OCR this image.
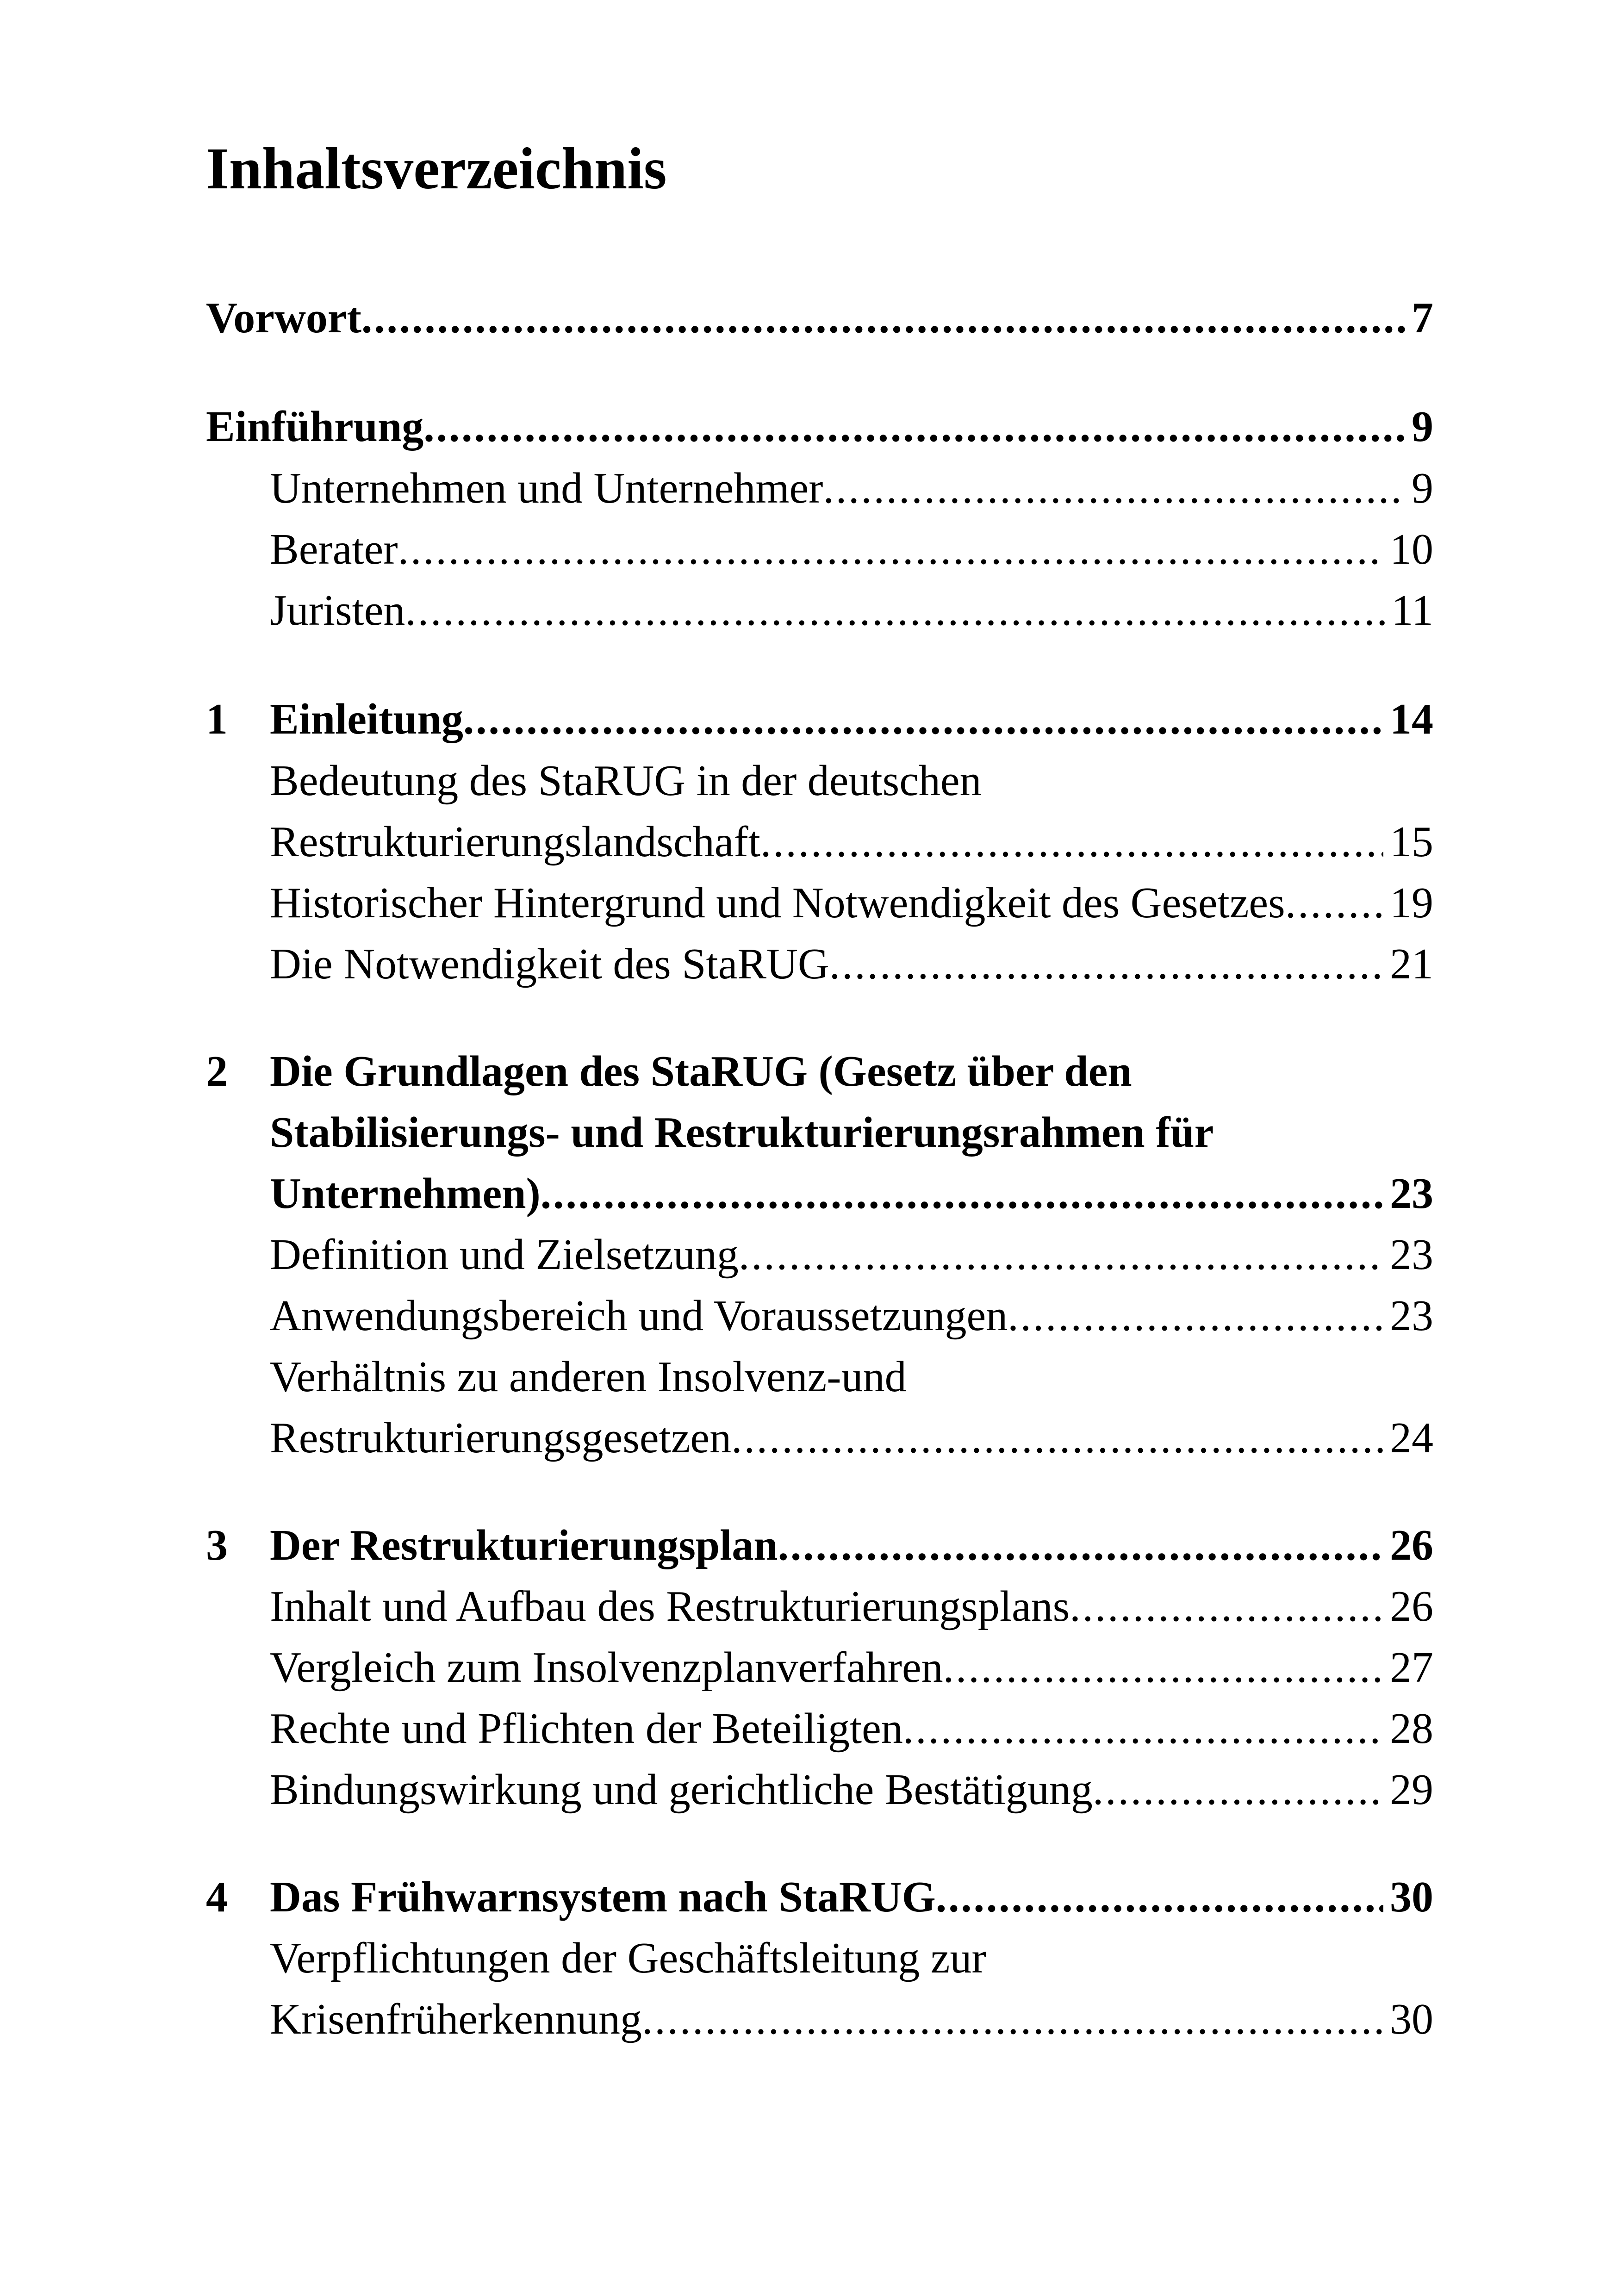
Inhaltsverzeichnis
Vorwort .....	7
Einführung .....	9
Unternehmen und Unternehmer .....	9
Berater .....	10
Juristen .....	11
1 Einleitung .....	14
Bedeutung des StaRUG in der deutschen
Restrukturierungslandschaft .....	15
Historischer Hintergrund und Notwendigkeit des Gesetzes ..... 19
Die Notwendigkeit des StaRUG .....	21
2 Die Grundlagen des StaRUG (Gesetz über den
Stabilisierungs- und Restrukturierungsrahmen für
Unternehmen) .....	23
Definition und Zielsetzung .....	23
Anwendungsbereich und Voraussetzungen .....	23
Verhältnis zu anderen Insolvenz-und
Restrukturierungsgesetzen .....	24
3 Der Restrukturierungsplan .....	26
Inhalt und Aufbau des Restrukturierungsplans .....	26
Vergleich zum Insolvenzplanverfahren .....	27
Rechte und Pflichten der Beteiligten .....	28
Bindungswirkung und gerichtliche Bestätigung .....	29
4 Das Frühwarnsystem nach StaRUG .....	30
Verpflichtungen der Geschäftsleitung zur
Krisenfrüherkennung .....	30
